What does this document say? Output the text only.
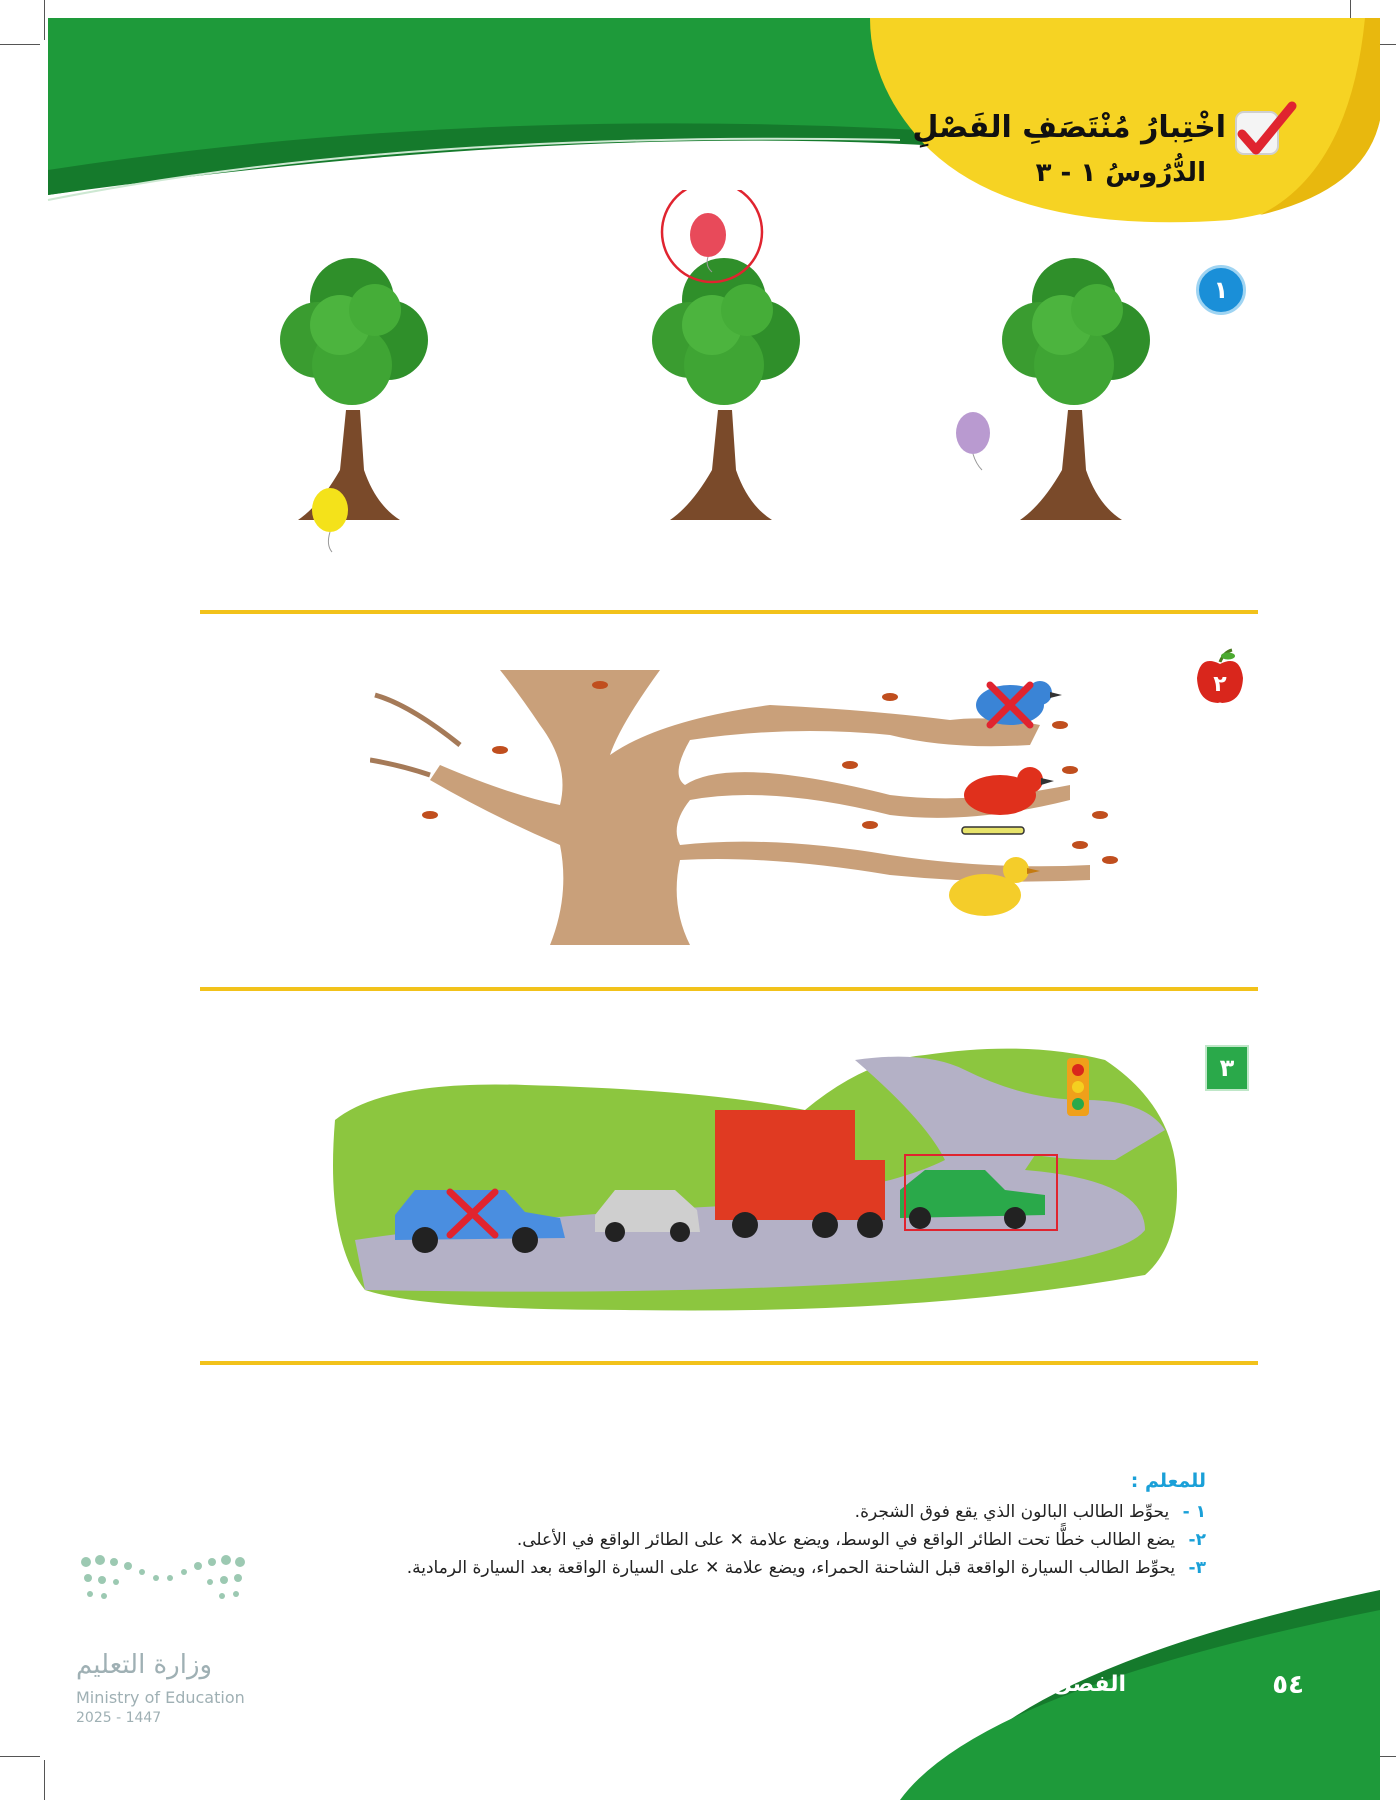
اخْتِبارُ مُنْتَصَفِ الفَصْلِ
الدُّرُوسُ ١ - ٣
١
٢
٣
للمعلم :
١ - يحوِّط الطالب البالون الذي يقع فوق الشجرة.
٢- يضع الطالب خطًّا تحت الطائر الواقع في الوسط، ويضع علامة ✕ على الطائر الواقع في الأعلى.
٣- يحوِّط الطالب السيارة الواقعة قبل الشاحنة الحمراء، ويضع علامة ✕ على السيارة الواقعة بعد السيارة الرمادية.
الفصل ٣ : الموقع والنمط	٥٤
وزارة التعليم
Ministry of Education
2025 - 1447
